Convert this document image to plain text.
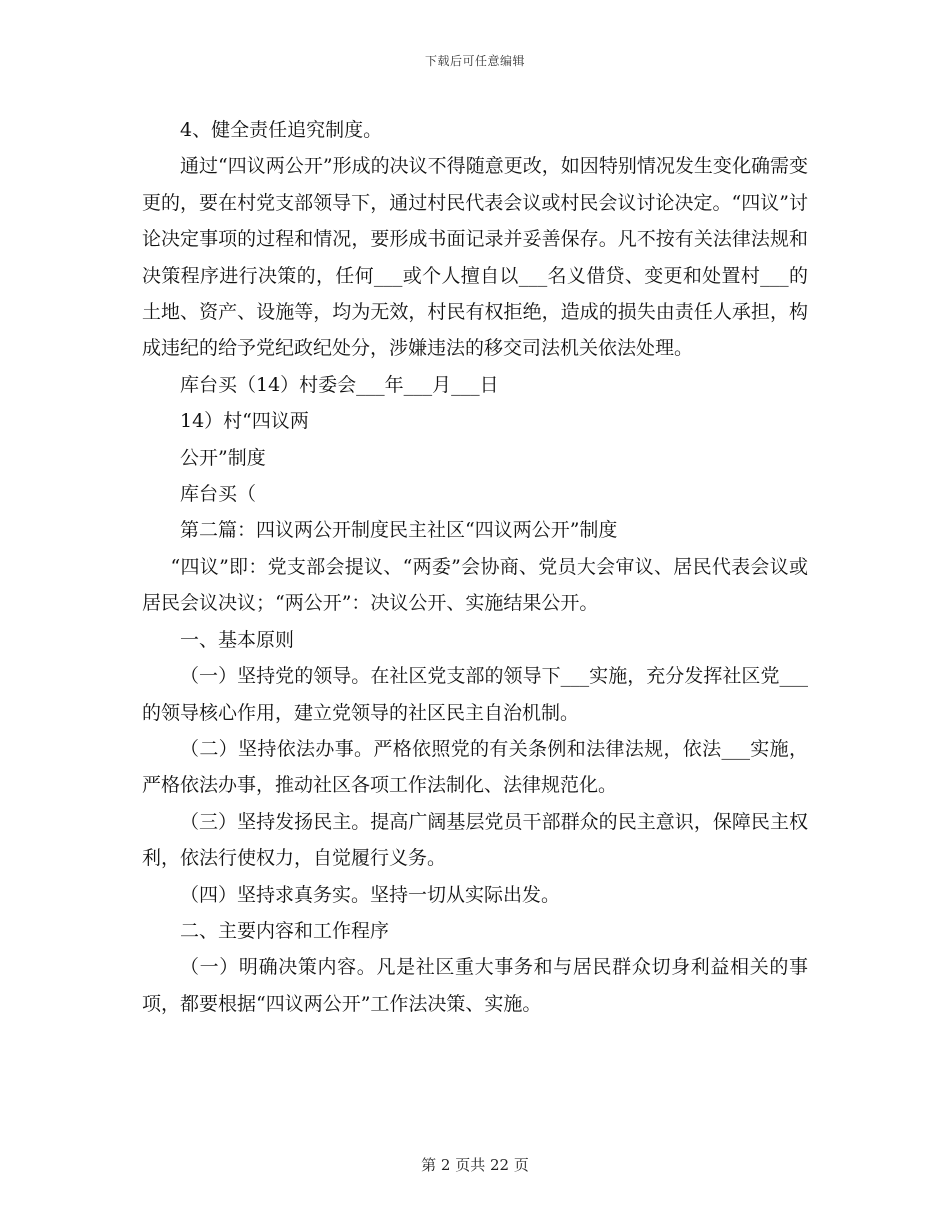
下载后可任意编辑

4、健全责任追究制度。

通过“四议两公开”形成的决议不得随意更改，如因特别情况发生变化确需变更的，要在村党支部领导下，通过村民代表会议或村民会议讨论决定。“四议”讨论决定事项的过程和情况，要形成书面记录并妥善保存。凡不按有关法律法规和决策程序进行决策的，任何___或个人擅自以___名义借贷、变更和处置村___的土地、资产、设施等，均为无效，村民有权拒绝，造成的损失由责任人承担，构成违纪的给予党纪政纪处分，涉嫌违法的移交司法机关依法处理。

库台买（14）村委会___年___月___日

14）村“四议两

公开”制度

库台买（

第二篇：四议两公开制度民主社区“四议两公开”制度

“四议”即：党支部会提议、“两委”会协商、党员大会审议、居民代表会议或居民会议决议；“两公开”：决议公开、实施结果公开。

一、基本原则

（一）坚持党的领导。在社区党支部的领导下___实施，充分发挥社区党___的领导核心作用，建立党领导的社区民主自治机制。

（二）坚持依法办事。严格依照党的有关条例和法律法规，依法___实施，严格依法办事，推动社区各项工作法制化、法律规范化。

（三）坚持发扬民主。提高广阔基层党员干部群众的民主意识，保障民主权利，依法行使权力，自觉履行义务。

（四）坚持求真务实。坚持一切从实际出发。

二、主要内容和工作程序

（一）明确决策内容。凡是社区重大事务和与居民群众切身利益相关的事项，都要根据“四议两公开”工作法决策、实施。

第 2 页共 22 页
